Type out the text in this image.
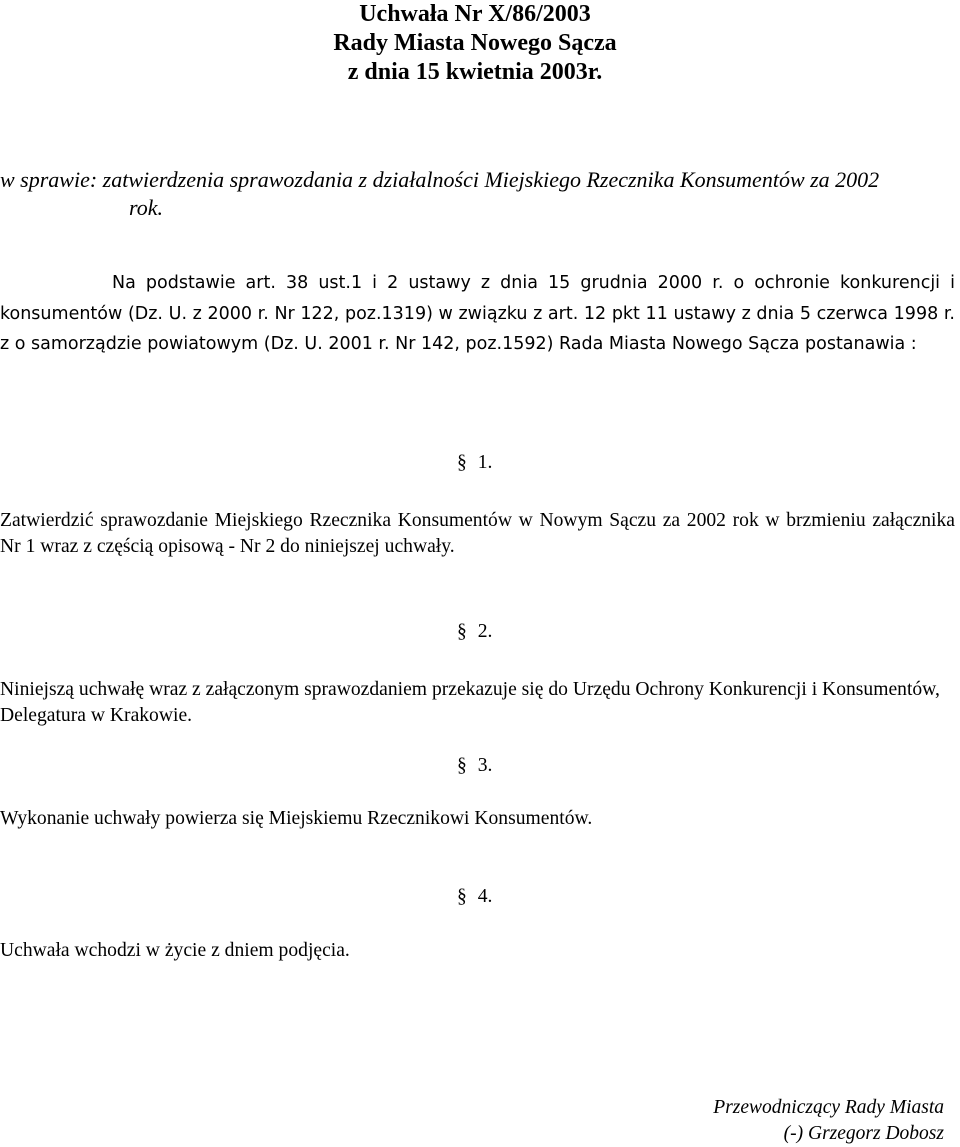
Uchwała Nr X/86/2003
Rady Miasta Nowego Sącza
z dnia 15 kwietnia 2003r.
w sprawie: zatwierdzenia sprawozdania z działalności Miejskiego Rzecznika Konsumentów za 2002
rok.

Na podstawie art. 38 ust.1 i 2 ustawy z dnia 15 grudnia 2000 r. o ochronie konkurencji i konsumentów (Dz. U. z 2000 r. Nr 122, poz.1319) w związku z art. 12 pkt 11 ustawy z dnia 5 czerwca 1998 r. z o samorządzie powiatowym (Dz. U. 2001 r. Nr 142, poz.1592) Rada Miasta Nowego Sącza postanawia :

§ 1.

Zatwierdzić sprawozdanie Miejskiego Rzecznika Konsumentów w Nowym Sączu za 2002 rok w brzmieniu załącznika Nr 1 wraz z częścią opisową - Nr 2 do niniejszej uchwały.

§ 2.

Niniejszą uchwałę wraz z załączonym sprawozdaniem przekazuje się do Urzędu Ochrony Konkurencji i Konsumentów, Delegatura w Krakowie.

§ 3.

Wykonanie uchwały powierza się Miejskiemu Rzecznikowi Konsumentów.

§ 4.

Uchwała wchodzi w życie z dniem podjęcia.

Przewodniczący Rady Miasta
(-) Grzegorz Dobosz
